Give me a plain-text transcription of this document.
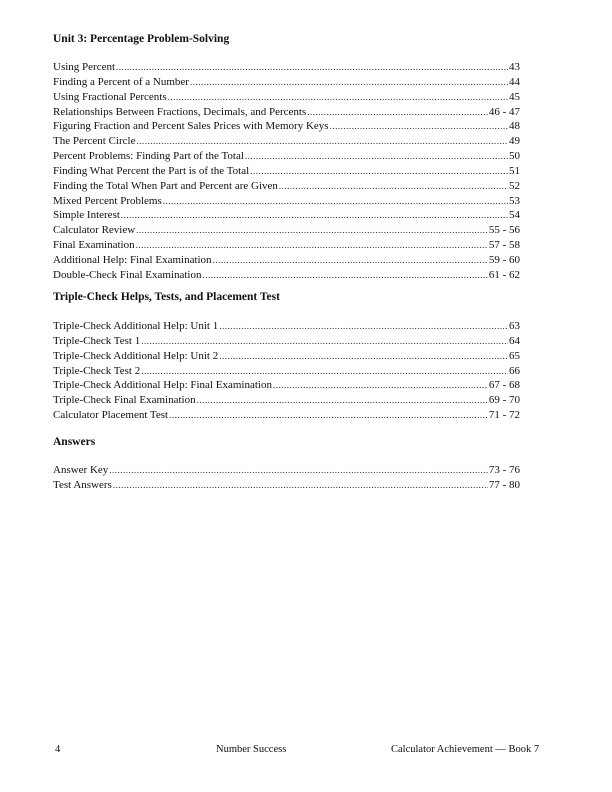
Unit 3: Percentage Problem-Solving
Using Percent .....	43
Finding a Percent of a Number .....	44
Using Fractional Percents .....	45
Relationships Between Fractions, Decimals, and Percents .....	46 - 47
Figuring Fraction and Percent Sales Prices with Memory Keys .....	48
The Percent Circle .....	49
Percent Problems: Finding Part of the Total .....	50
Finding What Percent the Part is of the Total .....	51
Finding the Total When Part and Percent are Given .....	52
Mixed Percent Problems .....	53
Simple Interest .....	54
Calculator Review .....	55 - 56
Final Examination .....	57 - 58
Additional Help: Final Examination .....	59 - 60
Double-Check Final Examination .....	61 - 62
Triple-Check Helps, Tests, and Placement Test
Triple-Check Additional Help: Unit 1 .....	63
Triple-Check Test 1 .....	64
Triple-Check Additional Help: Unit 2 .....	65
Triple-Check Test 2 .....	66
Triple-Check Additional Help: Final Examination .....	67 - 68
Triple-Check Final Examination .....	69 - 70
Calculator Placement Test .....	71 - 72
Answers
Answer Key .....	73 - 76
Test Answers .....	77 - 80

4	Number Success	Calculator Achievement — Book 7
